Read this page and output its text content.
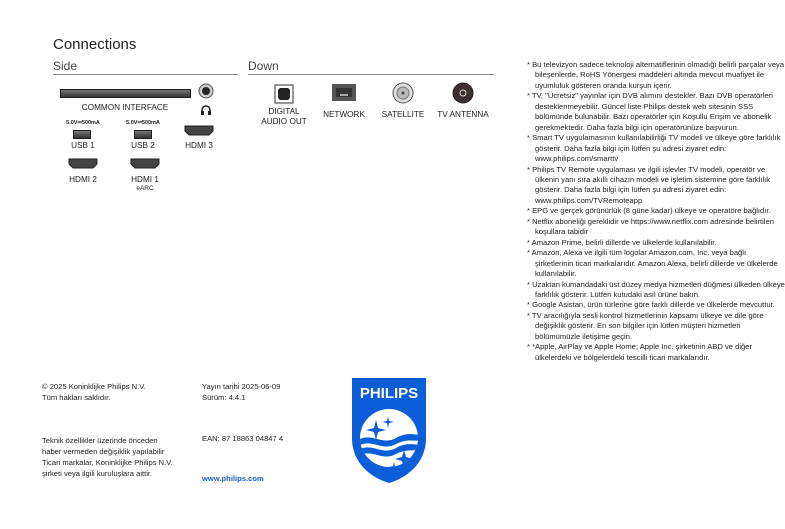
Connections
Side	Down
COMMON INTERFACE
5.0V⎓500mA
USB 1
5.0V⎓500mA
USB 2	HDMI 3
HDMI 2	HDMI 1
eARC
DIGITAL
AUDIO OUT
NETWORK	SATELLITE	TV ANTENNA
* Bu televizyon sadece teknoloji alternatiflerinin olmadığı belirli parçalar veya bileşenlerde, RoHS Yönergesi maddeleri altında mevcut muafiyet ile uyumluluk gösteren oranda kurşun içerir.
* TV, "Ücretsiz" yayınlar için DVB alımını destekler. Bazı DVB operatörleri desteklenmeyebilir. Güncel liste Philips destek web sitesinin SSS bölümünde bulunabilir. Bazı operatörler için Koşullu Erişim ve abonelik gerekmektedir. Daha fazla bilgi için operatörünüze başvurun.
* Smart TV uygulamasının kullanılabilirliği TV modeli ve ülkeye göre farklılık gösterir. Daha fazla bilgi için lütfen şu adresi ziyaret edin: www.philips.com/smarttv
* Philips TV Remote uygulaması ve ilgili işlevler TV modeli, operatör ve ülkenin yanı sıra akıllı cihazın modeli ve işletim sistemine göre farklılık gösterir. Daha fazla bilgi için lütfen şu adresi ziyaret edin: www.philips.com/TVRemoteapp
* EPG ve gerçek görünürlük (8 güne kadar) ülkeye ve operatöre bağlıdır.
* Netflix aboneliği gereklidir ve https://www.netflix.com adresinde belirtilen koşullara tabidir
* Amazon Prime, belirli dillerde ve ülkelerde kullanılabilir.
* Amazon, Alexa ve ilgili tüm logolar Amazon.com, Inc. veya bağlı şirketlerinin ticari markalarıdır. Amazon Alexa, belirli dillerde ve ülkelerde kullanılabilir.
* Uzaktan kumandadaki üst düzey medya hizmetleri düğmesi ülkeden ülkeye farklılık gösterir. Lütfen kutudaki asıl ürüne bakın.
* Google Asistan, ürün türlerine göre farklı dillerde ve ülkelerde mevcuttur.
* TV aracılığıyla sesli kontrol hizmetlerinin kapsamı ülkeye ve dile göre değişiklik gösterir. En son bilgiler için lütfen müşteri hizmetleri bölümümüzle iletişime geçin.
* *Apple, AirPlay ve Apple Home; Apple Inc. şirketinin ABD ve diğer ülkelerdeki ve bölgelerdeki tescilli ticari markalarıdır.
© 2025 Koninklijke Philips N.V.
Tüm hakları saklıdır.
Yayın tarihi 2025-06-09
Sürüm: 4.4.1
Teknik özellikler üzerinde önceden
haber vermeden değişiklik yapılabilir
Ticari markalar, Koninklijke Philips N.V.
şirketi veya ilgili kuruluşlara aittir.
EAN: 87 18863 04847 4
www.philips.com
PHILIPS
